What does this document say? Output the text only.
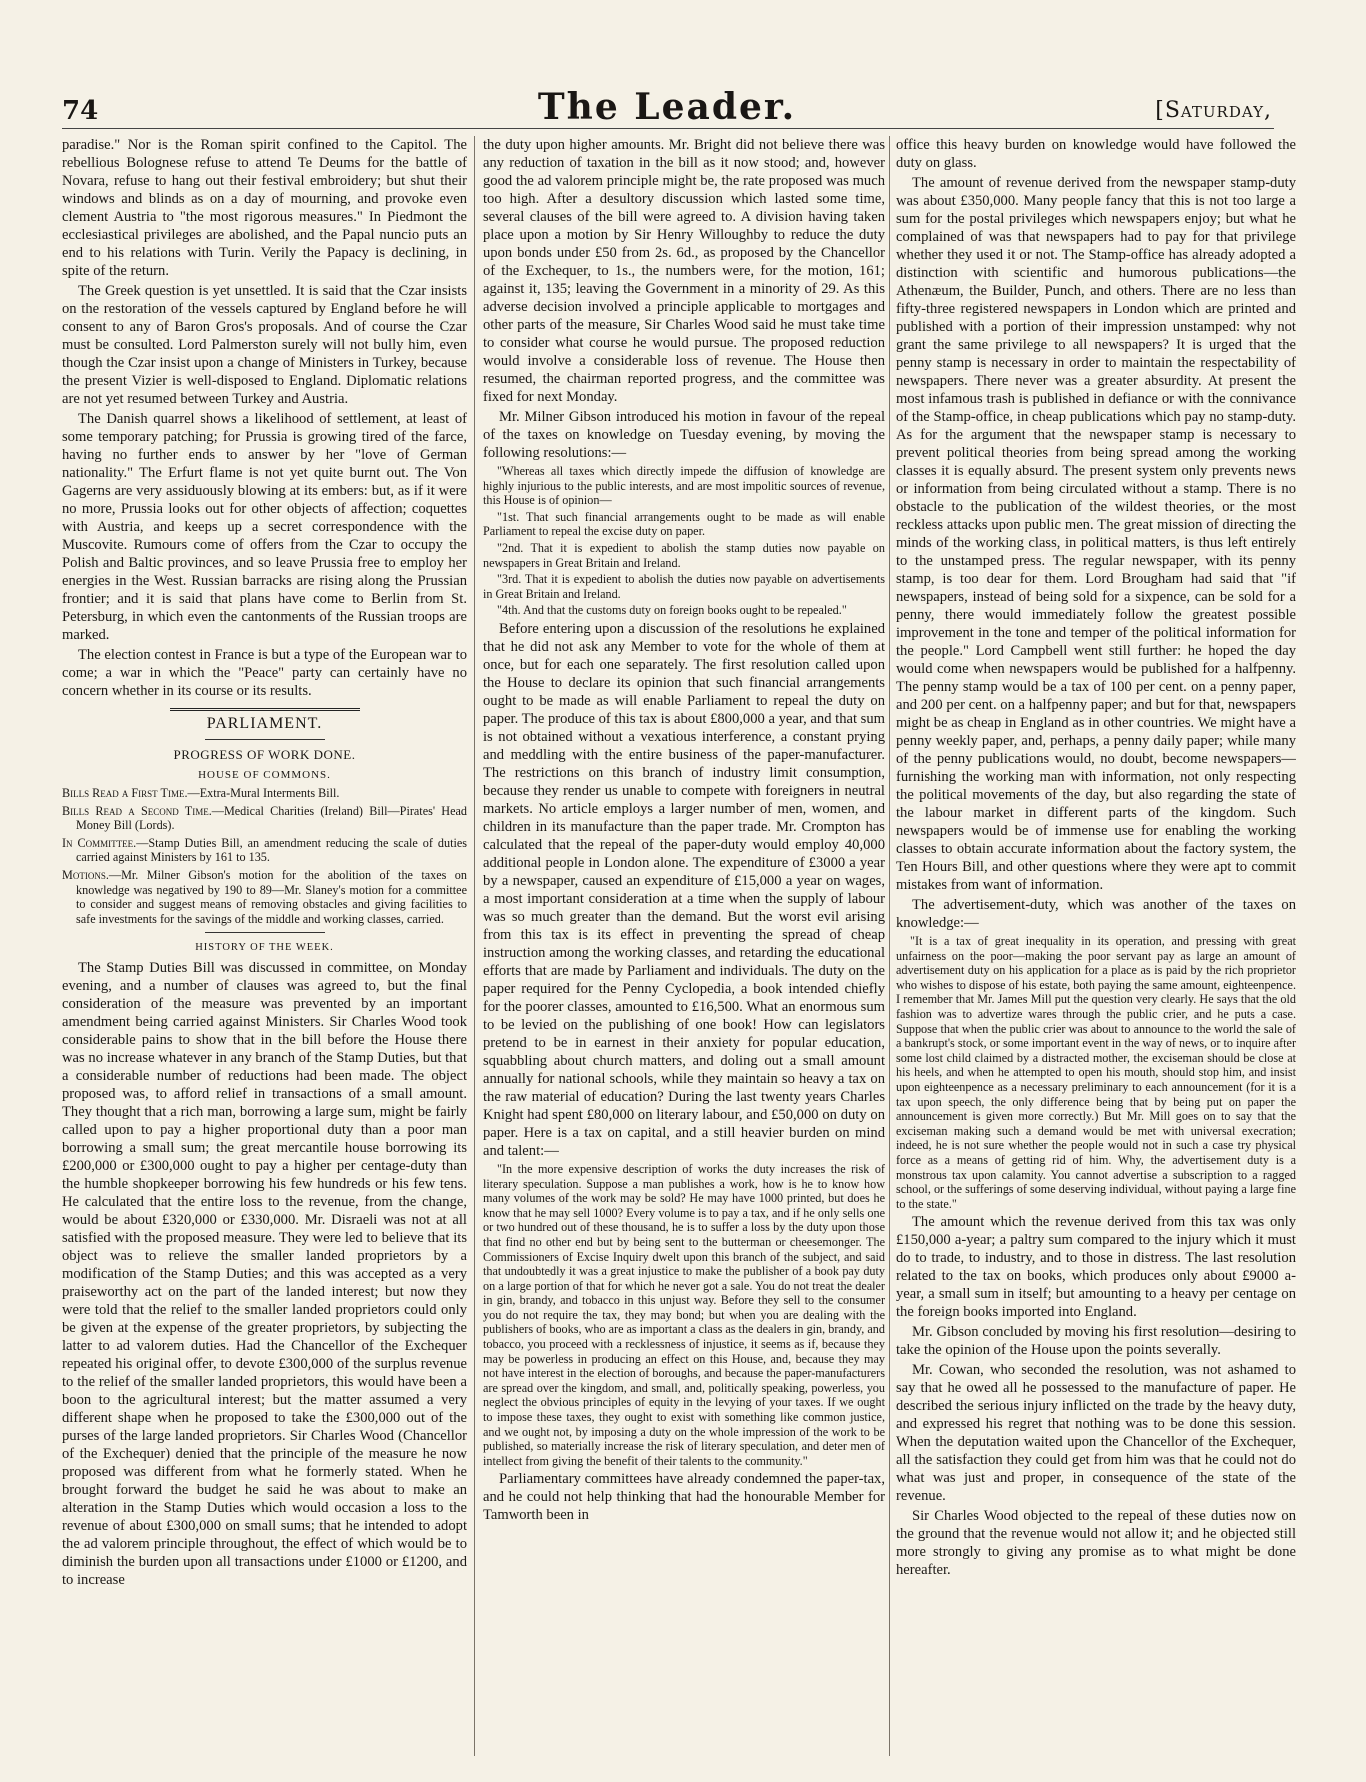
74	The Leader.	[Saturday,

paradise." Nor is the Roman spirit confined to the Capitol. The rebellious Bolognese refuse to attend Te Deums for the battle of Novara, refuse to hang out their festival embroidery; but shut their windows and blinds as on a day of mourning, and provoke even clement Austria to "the most rigorous measures." In Piedmont the ecclesiastical privileges are abolished, and the Papal nuncio puts an end to his relations with Turin. Verily the Papacy is declining, in spite of the return.

The Greek question is yet unsettled. It is said that the Czar insists on the restoration of the vessels captured by England before he will consent to any of Baron Gros's proposals. And of course the Czar must be consulted. Lord Palmerston surely will not bully him, even though the Czar insist upon a change of Ministers in Turkey, because the present Vizier is well-disposed to England. Diplomatic relations are not yet resumed between Turkey and Austria.

The Danish quarrel shows a likelihood of settlement, at least of some temporary patching; for Prussia is growing tired of the farce, having no further ends to answer by her "love of German nationality." The Erfurt flame is not yet quite burnt out. The Von Gagerns are very assiduously blowing at its embers: but, as if it were no more, Prussia looks out for other objects of affection; coquettes with Austria, and keeps up a secret correspondence with the Muscovite. Rumours come of offers from the Czar to occupy the Polish and Baltic provinces, and so leave Prussia free to employ her energies in the West. Russian barracks are rising along the Prussian frontier; and it is said that plans have come to Berlin from St. Petersburg, in which even the cantonments of the Russian troops are marked.

The election contest in France is but a type of the European war to come; a war in which the "Peace" party can certainly have no concern whether in its course or its results.

PARLIAMENT.

PROGRESS OF WORK DONE.

HOUSE OF COMMONS.

Bills Read a First Time.—Extra-Mural Interments Bill.

Bills Read a Second Time.—Medical Charities (Ireland) Bill—Pirates' Head Money Bill (Lords).

In Committee.—Stamp Duties Bill, an amendment reducing the scale of duties carried against Ministers by 161 to 135.

Motions.—Mr. Milner Gibson's motion for the abolition of the taxes on knowledge was negatived by 190 to 89—Mr. Slaney's motion for a committee to consider and suggest means of removing obstacles and giving facilities to safe investments for the savings of the middle and working classes, carried.

HISTORY OF THE WEEK.

The Stamp Duties Bill was discussed in committee, on Monday evening, and a number of clauses was agreed to, but the final consideration of the measure was prevented by an important amendment being carried against Ministers. Sir Charles Wood took considerable pains to show that in the bill before the House there was no increase whatever in any branch of the Stamp Duties, but that a considerable number of reductions had been made. The object proposed was, to afford relief in transactions of a small amount. They thought that a rich man, borrowing a large sum, might be fairly called upon to pay a higher proportional duty than a poor man borrowing a small sum; the great mercantile house borrowing its £200,000 or £300,000 ought to pay a higher per centage-duty than the humble shopkeeper borrowing his few hundreds or his few tens. He calculated that the entire loss to the revenue, from the change, would be about £320,000 or £330,000. Mr. Disraeli was not at all satisfied with the proposed measure. They were led to believe that its object was to relieve the smaller landed proprietors by a modification of the Stamp Duties; and this was accepted as a very praiseworthy act on the part of the landed interest; but now they were told that the relief to the smaller landed proprietors could only be given at the expense of the greater proprietors, by subjecting the latter to ad valorem duties. Had the Chancellor of the Exchequer repeated his original offer, to devote £300,000 of the surplus revenue to the relief of the smaller landed proprietors, this would have been a boon to the agricultural interest; but the matter assumed a very different shape when he proposed to take the £300,000 out of the purses of the large landed proprietors. Sir Charles Wood (Chancellor of the Exchequer) denied that the principle of the measure he now proposed was different from what he formerly stated. When he brought forward the budget he said he was about to make an alteration in the Stamp Duties which would occasion a loss to the revenue of about £300,000 on small sums; that he intended to adopt the ad valorem principle throughout, the effect of which would be to diminish the burden upon all transactions under £1000 or £1200, and to increase

the duty upon higher amounts. Mr. Bright did not believe there was any reduction of taxation in the bill as it now stood; and, however good the ad valorem principle might be, the rate proposed was much too high. After a desultory discussion which lasted some time, several clauses of the bill were agreed to. A division having taken place upon a motion by Sir Henry Willoughby to reduce the duty upon bonds under £50 from 2s. 6d., as proposed by the Chancellor of the Exchequer, to 1s., the numbers were, for the motion, 161; against it, 135; leaving the Government in a minority of 29. As this adverse decision involved a principle applicable to mortgages and other parts of the measure, Sir Charles Wood said he must take time to consider what course he would pursue. The proposed reduction would involve a considerable loss of revenue. The House then resumed, the chairman reported progress, and the committee was fixed for next Monday.

Mr. Milner Gibson introduced his motion in favour of the repeal of the taxes on knowledge on Tuesday evening, by moving the following resolutions:—

"Whereas all taxes which directly impede the diffusion of knowledge are highly injurious to the public interests, and are most impolitic sources of revenue, this House is of opinion—

"1st. That such financial arrangements ought to be made as will enable Parliament to repeal the excise duty on paper.

"2nd. That it is expedient to abolish the stamp duties now payable on newspapers in Great Britain and Ireland.

"3rd. That it is expedient to abolish the duties now payable on advertisements in Great Britain and Ireland.

"4th. And that the customs duty on foreign books ought to be repealed."

Before entering upon a discussion of the resolutions he explained that he did not ask any Member to vote for the whole of them at once, but for each one separately. The first resolution called upon the House to declare its opinion that such financial arrangements ought to be made as will enable Parliament to repeal the duty on paper. The produce of this tax is about £800,000 a year, and that sum is not obtained without a vexatious interference, a constant prying and meddling with the entire business of the paper-manufacturer. The restrictions on this branch of industry limit consumption, because they render us unable to compete with foreigners in neutral markets. No article employs a larger number of men, women, and children in its manufacture than the paper trade. Mr. Crompton has calculated that the repeal of the paper-duty would employ 40,000 additional people in London alone. The expenditure of £3000 a year by a newspaper, caused an expenditure of £15,000 a year on wages, a most important consideration at a time when the supply of labour was so much greater than the demand. But the worst evil arising from this tax is its effect in preventing the spread of cheap instruction among the working classes, and retarding the educational efforts that are made by Parliament and individuals. The duty on the paper required for the Penny Cyclopedia, a book intended chiefly for the poorer classes, amounted to £16,500. What an enormous sum to be levied on the publishing of one book! How can legislators pretend to be in earnest in their anxiety for popular education, squabbling about church matters, and doling out a small amount annually for national schools, while they maintain so heavy a tax on the raw material of education? During the last twenty years Charles Knight had spent £80,000 on literary labour, and £50,000 on duty on paper. Here is a tax on capital, and a still heavier burden on mind and talent:—

"In the more expensive description of works the duty increases the risk of literary speculation. Suppose a man publishes a work, how is he to know how many volumes of the work may be sold? He may have 1000 printed, but does he know that he may sell 1000? Every volume is to pay a tax, and if he only sells one or two hundred out of these thousand, he is to suffer a loss by the duty upon those that find no other end but by being sent to the butterman or cheesemonger. The Commissioners of Excise Inquiry dwelt upon this branch of the subject, and said that undoubtedly it was a great injustice to make the publisher of a book pay duty on a large portion of that for which he never got a sale. You do not treat the dealer in gin, brandy, and tobacco in this unjust way. Before they sell to the consumer you do not require the tax, they may bond; but when you are dealing with the publishers of books, who are as important a class as the dealers in gin, brandy, and tobacco, you proceed with a recklessness of injustice, it seems as if, because they may be powerless in producing an effect on this House, and, because they may not have interest in the election of boroughs, and because the paper-manufacturers are spread over the kingdom, and small, and, politically speaking, powerless, you neglect the obvious principles of equity in the levying of your taxes. If we ought to impose these taxes, they ought to exist with something like common justice, and we ought not, by imposing a duty on the whole impression of the work to be published, so materially increase the risk of literary speculation, and deter men of intellect from giving the benefit of their talents to the community."

Parliamentary committees have already condemned the paper-tax, and he could not help thinking that had the honourable Member for Tamworth been in

office this heavy burden on knowledge would have followed the duty on glass.

The amount of revenue derived from the newspaper stamp-duty was about £350,000. Many people fancy that this is not too large a sum for the postal privileges which newspapers enjoy; but what he complained of was that newspapers had to pay for that privilege whether they used it or not. The Stamp-office has already adopted a distinction with scientific and humorous publications—the Athenæum, the Builder, Punch, and others. There are no less than fifty-three registered newspapers in London which are printed and published with a portion of their impression unstamped: why not grant the same privilege to all newspapers? It is urged that the penny stamp is necessary in order to maintain the respectability of newspapers. There never was a greater absurdity. At present the most infamous trash is published in defiance or with the connivance of the Stamp-office, in cheap publications which pay no stamp-duty. As for the argument that the newspaper stamp is necessary to prevent political theories from being spread among the working classes it is equally absurd. The present system only prevents news or information from being circulated without a stamp. There is no obstacle to the publication of the wildest theories, or the most reckless attacks upon public men. The great mission of directing the minds of the working class, in political matters, is thus left entirely to the unstamped press. The regular newspaper, with its penny stamp, is too dear for them. Lord Brougham had said that "if newspapers, instead of being sold for a sixpence, can be sold for a penny, there would immediately follow the greatest possible improvement in the tone and temper of the political information for the people." Lord Campbell went still further: he hoped the day would come when newspapers would be published for a halfpenny. The penny stamp would be a tax of 100 per cent. on a penny paper, and 200 per cent. on a halfpenny paper; and but for that, newspapers might be as cheap in England as in other countries. We might have a penny weekly paper, and, perhaps, a penny daily paper; while many of the penny publications would, no doubt, become newspapers—furnishing the working man with information, not only respecting the political movements of the day, but also regarding the state of the labour market in different parts of the kingdom. Such newspapers would be of immense use for enabling the working classes to obtain accurate information about the factory system, the Ten Hours Bill, and other questions where they were apt to commit mistakes from want of information.

The advertisement-duty, which was another of the taxes on knowledge:—

"It is a tax of great inequality in its operation, and pressing with great unfairness on the poor—making the poor servant pay as large an amount of advertisement duty on his application for a place as is paid by the rich proprietor who wishes to dispose of his estate, both paying the same amount, eighteenpence. I remember that Mr. James Mill put the question very clearly. He says that the old fashion was to advertize wares through the public crier, and he puts a case. Suppose that when the public crier was about to announce to the world the sale of a bankrupt's stock, or some important event in the way of news, or to inquire after some lost child claimed by a distracted mother, the exciseman should be close at his heels, and when he attempted to open his mouth, should stop him, and insist upon eighteenpence as a necessary preliminary to each announcement (for it is a tax upon speech, the only difference being that by being put on paper the announcement is given more correctly.) But Mr. Mill goes on to say that the exciseman making such a demand would be met with universal execration; indeed, he is not sure whether the people would not in such a case try physical force as a means of getting rid of him. Why, the advertisement duty is a monstrous tax upon calamity. You cannot advertise a subscription to a ragged school, or the sufferings of some deserving individual, without paying a large fine to the state."

The amount which the revenue derived from this tax was only £150,000 a-year; a paltry sum compared to the injury which it must do to trade, to industry, and to those in distress. The last resolution related to the tax on books, which produces only about £9000 a-year, a small sum in itself; but amounting to a heavy per centage on the foreign books imported into England.

Mr. Gibson concluded by moving his first resolution—desiring to take the opinion of the House upon the points severally.

Mr. Cowan, who seconded the resolution, was not ashamed to say that he owed all he possessed to the manufacture of paper. He described the serious injury inflicted on the trade by the heavy duty, and expressed his regret that nothing was to be done this session. When the deputation waited upon the Chancellor of the Exchequer, all the satisfaction they could get from him was that he could not do what was just and proper, in consequence of the state of the revenue.

Sir Charles Wood objected to the repeal of these duties now on the ground that the revenue would not allow it; and he objected still more strongly to giving any promise as to what might be done hereafter.
